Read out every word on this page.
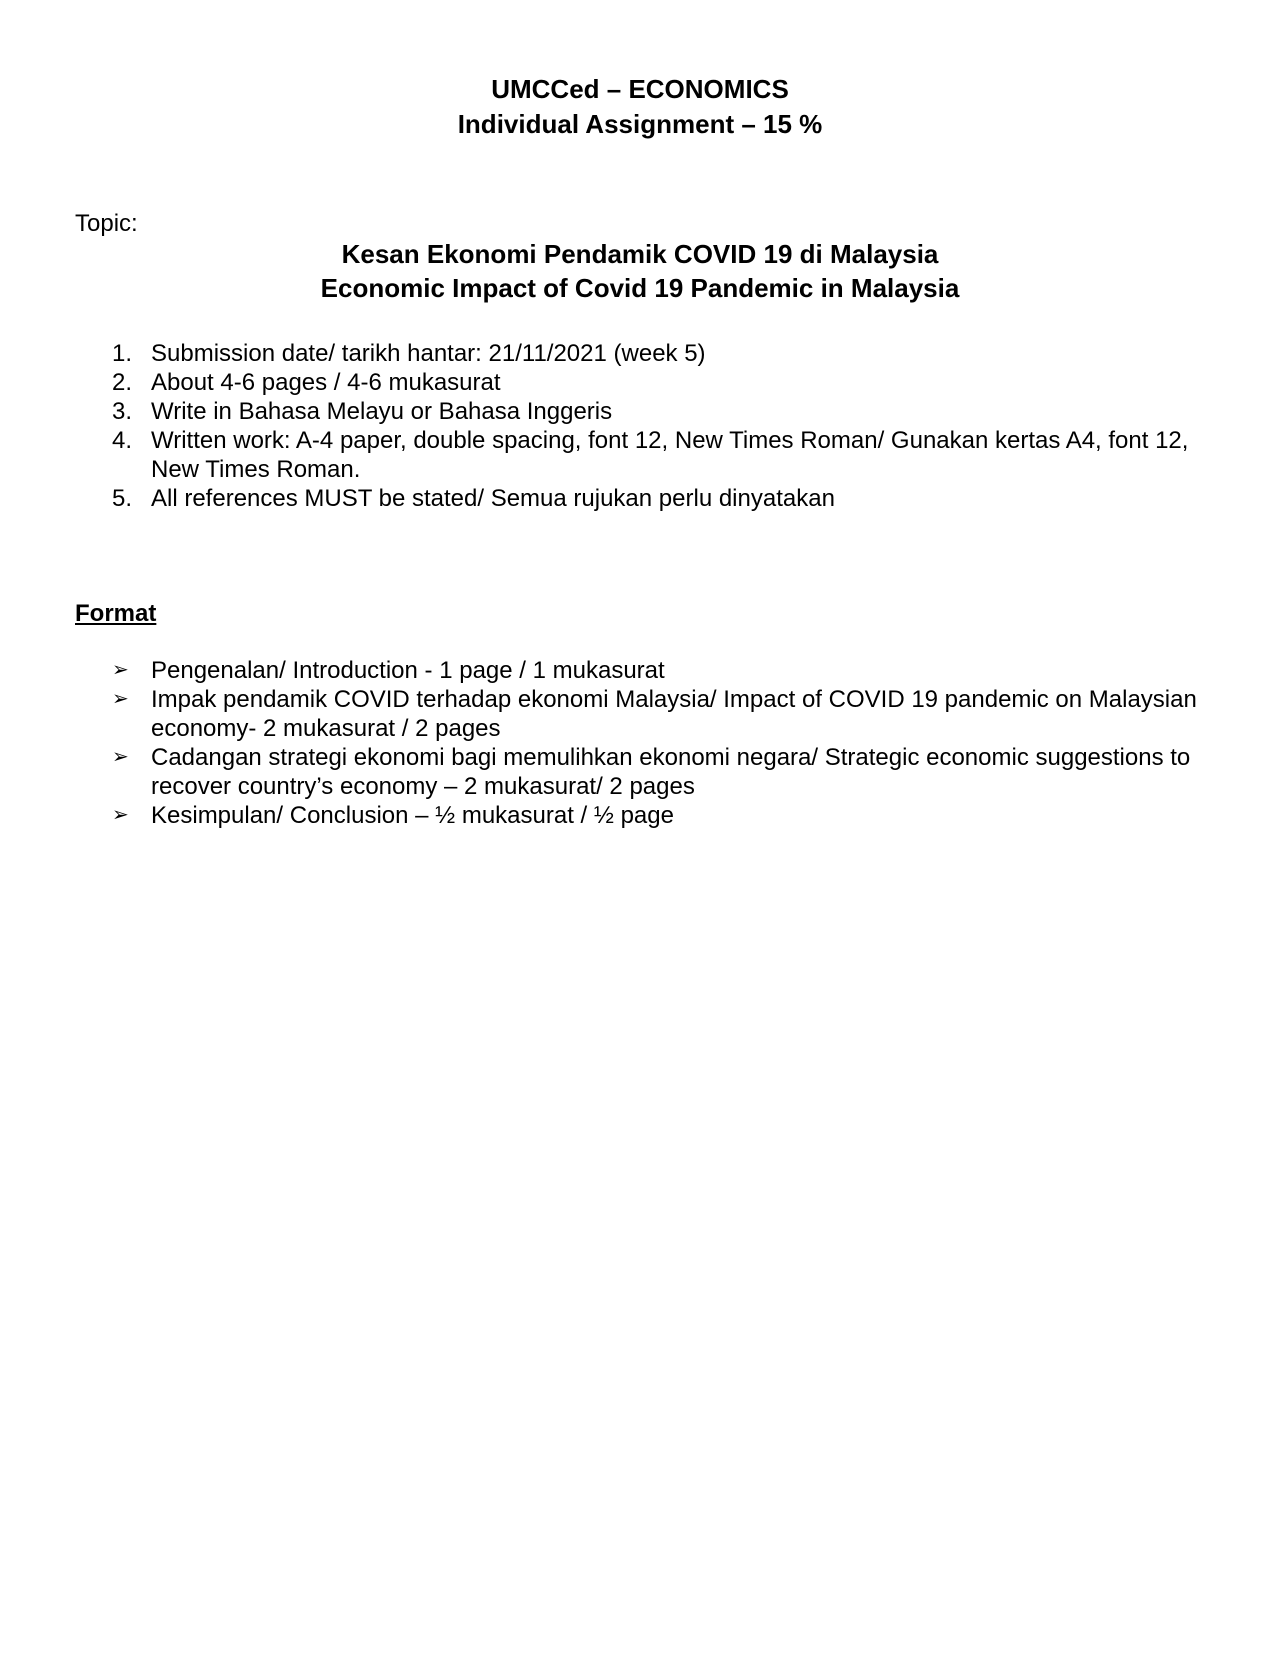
UMCCed – ECONOMICS
Individual Assignment – 15 %
Topic:
Kesan Ekonomi Pendamik COVID 19 di Malaysia
Economic Impact of Covid 19 Pandemic in Malaysia
1. Submission date/ tarikh hantar: 21/11/2021 (week 5)
2. About 4-6 pages / 4-6 mukasurat
3. Write in Bahasa Melayu or Bahasa Inggeris
4. Written work: A-4 paper, double spacing, font 12, New Times Roman/ Gunakan kertas A4, font 12, New Times Roman.
5. All references MUST be stated/ Semua rujukan perlu dinyatakan
Format
➢ Pengenalan/ Introduction - 1 page / 1 mukasurat
➢ Impak pendamik COVID terhadap ekonomi Malaysia/ Impact of COVID 19 pandemic on Malaysian economy- 2 mukasurat / 2 pages
➢ Cadangan strategi ekonomi bagi memulihkan ekonomi negara/ Strategic economic suggestions to recover country’s economy – 2 mukasurat/ 2 pages
➢ Kesimpulan/ Conclusion – ½ mukasurat / ½ page
